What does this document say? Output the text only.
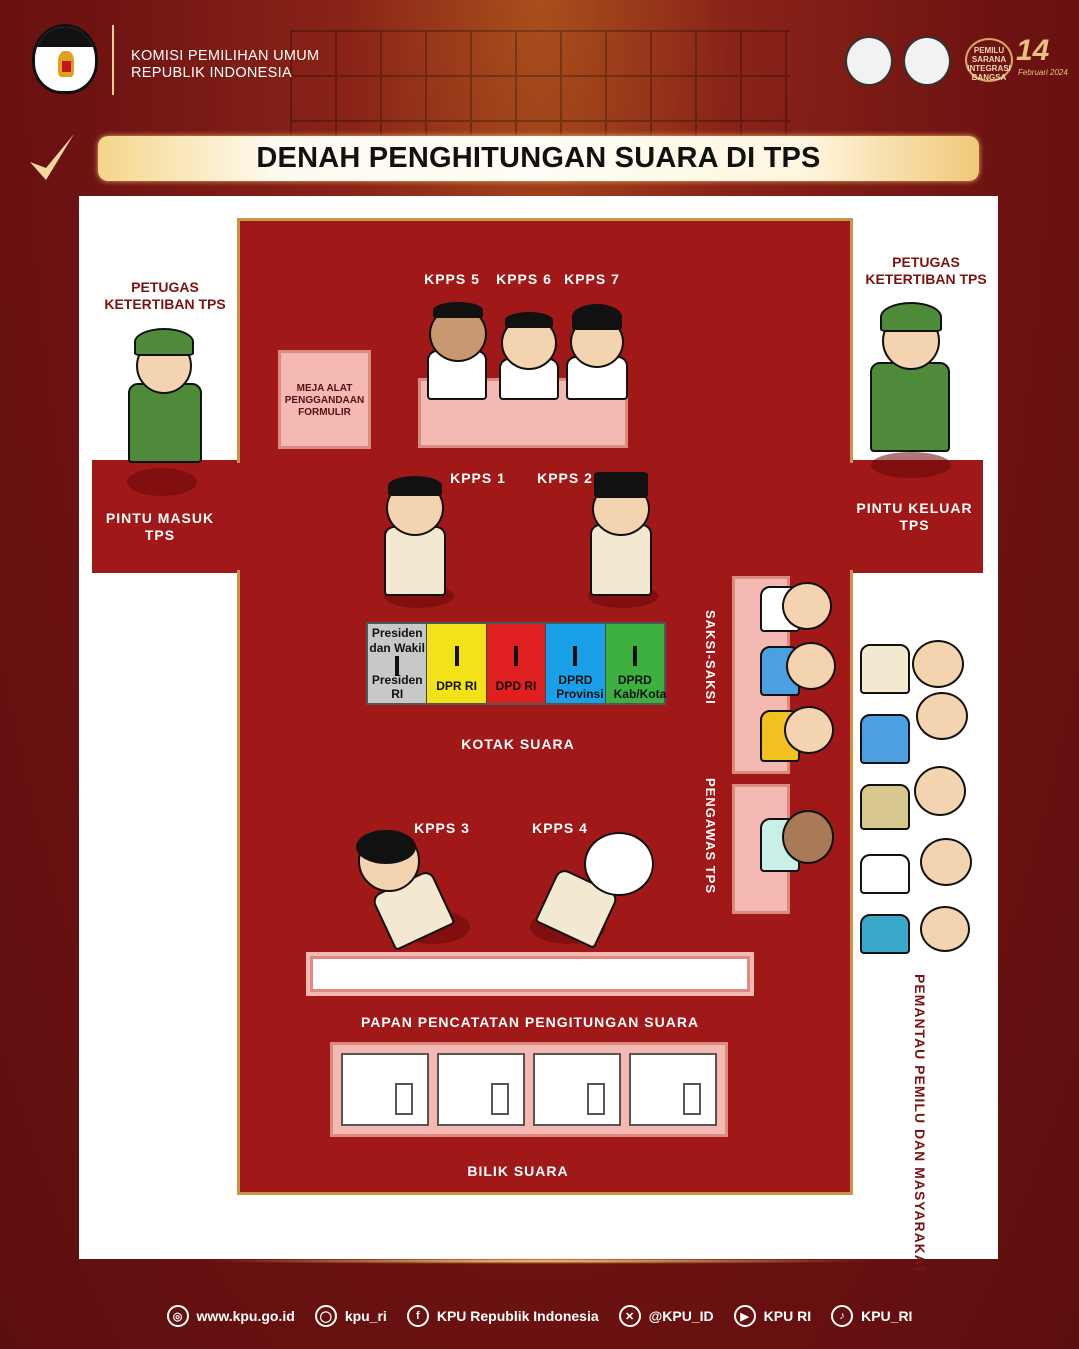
KOMISI PEMILIHAN UMUM
REPUBLIK INDONESIA
PEMILU SARANA INTEGRASI BANGSA
14
Februari 2024
DENAH PENGHITUNGAN SUARA DI TPS
PETUGAS KETERTIBAN TPS
PINTU MASUK TPS
PETUGAS KETERTIBAN TPS
PINTU KELUAR TPS
MEJA ALAT PENGGANDAAN FORMULIR
KPPS 5 KPPS 6 KPPS 7
KPPS 1 KPPS 2
Presiden dan Wakil
Presiden RI
DPR RI	DPD RI	DPRD Provinsi
DPRD Kab/Kota
KOTAK SUARA
SAKSI-SAKSI
PENGAWAS TPS
PEMANTAU PEMILU DAN MASYARAKAT
KPPS 3	KPPS 4
PAPAN PENCATATAN PENGITUNGAN SUARA
BILIK SUARA
◎	www.kpu.go.id	◯ kpu_ri	f	KPU Republik Indonesia	✕	@KPU_ID	▶	KPU RI	♪	KPU_RI
